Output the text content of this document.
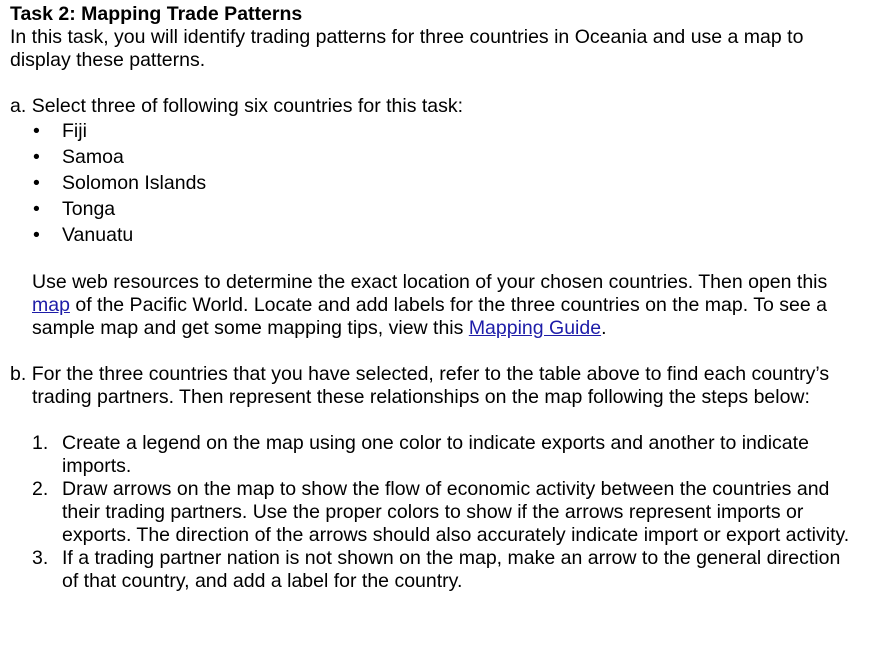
Task 2: Mapping Trade Patterns

In this task, you will identify trading patterns for three countries in Oceania and use a map to display these patterns.

a. Select three of following six countries for this task:

• Fiji
• Samoa
• Solomon Islands
• Tonga
• Vanuatu

Use web resources to determine the exact location of your chosen countries. Then open this map of the Pacific World. Locate and add labels for the three countries on the map. To see a sample map and get some mapping tips, view this Mapping Guide.

b. For the three countries that you have selected, refer to the table above to find each country’s trading partners. Then represent these relationships on the map following the steps below:

1. Create a legend on the map using one color to indicate exports and another to indicate imports.
2. Draw arrows on the map to show the flow of economic activity between the countries and their trading partners. Use the proper colors to show if the arrows represent imports or exports. The direction of the arrows should also accurately indicate import or export activity.
3. If a trading partner nation is not shown on the map, make an arrow to the general direction of that country, and add a label for the country.
